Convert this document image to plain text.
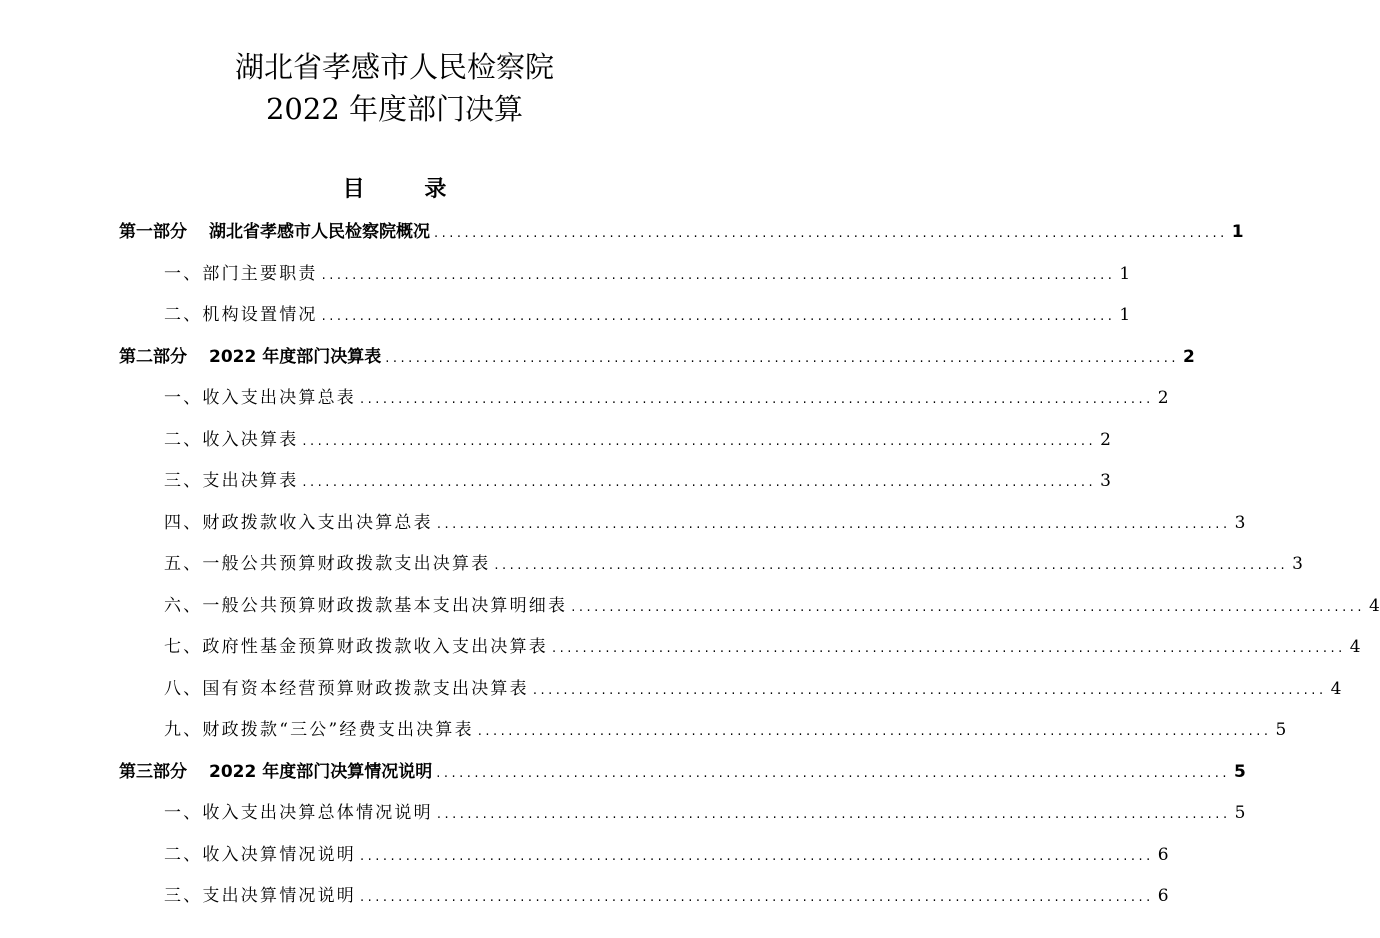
湖北省孝感市人民检察院
2022 年度部门决算
目 录
第一部分 湖北省孝感市人民检察院概况 ........................................................................................................ 1
一、部门主要职责 ........................................................................................................ 1
二、机构设置情况 ........................................................................................................ 1
第二部分 2022 年度部门决算表 ........................................................................................................ 2
一、收入支出决算总表 ........................................................................................................ 2
二、收入决算表 ........................................................................................................ 2
三、支出决算表 ........................................................................................................ 3
四、财政拨款收入支出决算总表 ........................................................................................................ 3
五、一般公共预算财政拨款支出决算表 ........................................................................................................ 3
六、一般公共预算财政拨款基本支出决算明细表 ........................................................................................................ 4
七、政府性基金预算财政拨款收入支出决算表 ........................................................................................................ 4
八、国有资本经营预算财政拨款支出决算表 ........................................................................................................ 4
九、财政拨款“三公”经费支出决算表 ........................................................................................................ 5
第三部分 2022 年度部门决算情况说明 ........................................................................................................ 5
一、收入支出决算总体情况说明 ........................................................................................................ 5
二、收入决算情况说明 ........................................................................................................ 6
三、支出决算情况说明 ........................................................................................................ 6
